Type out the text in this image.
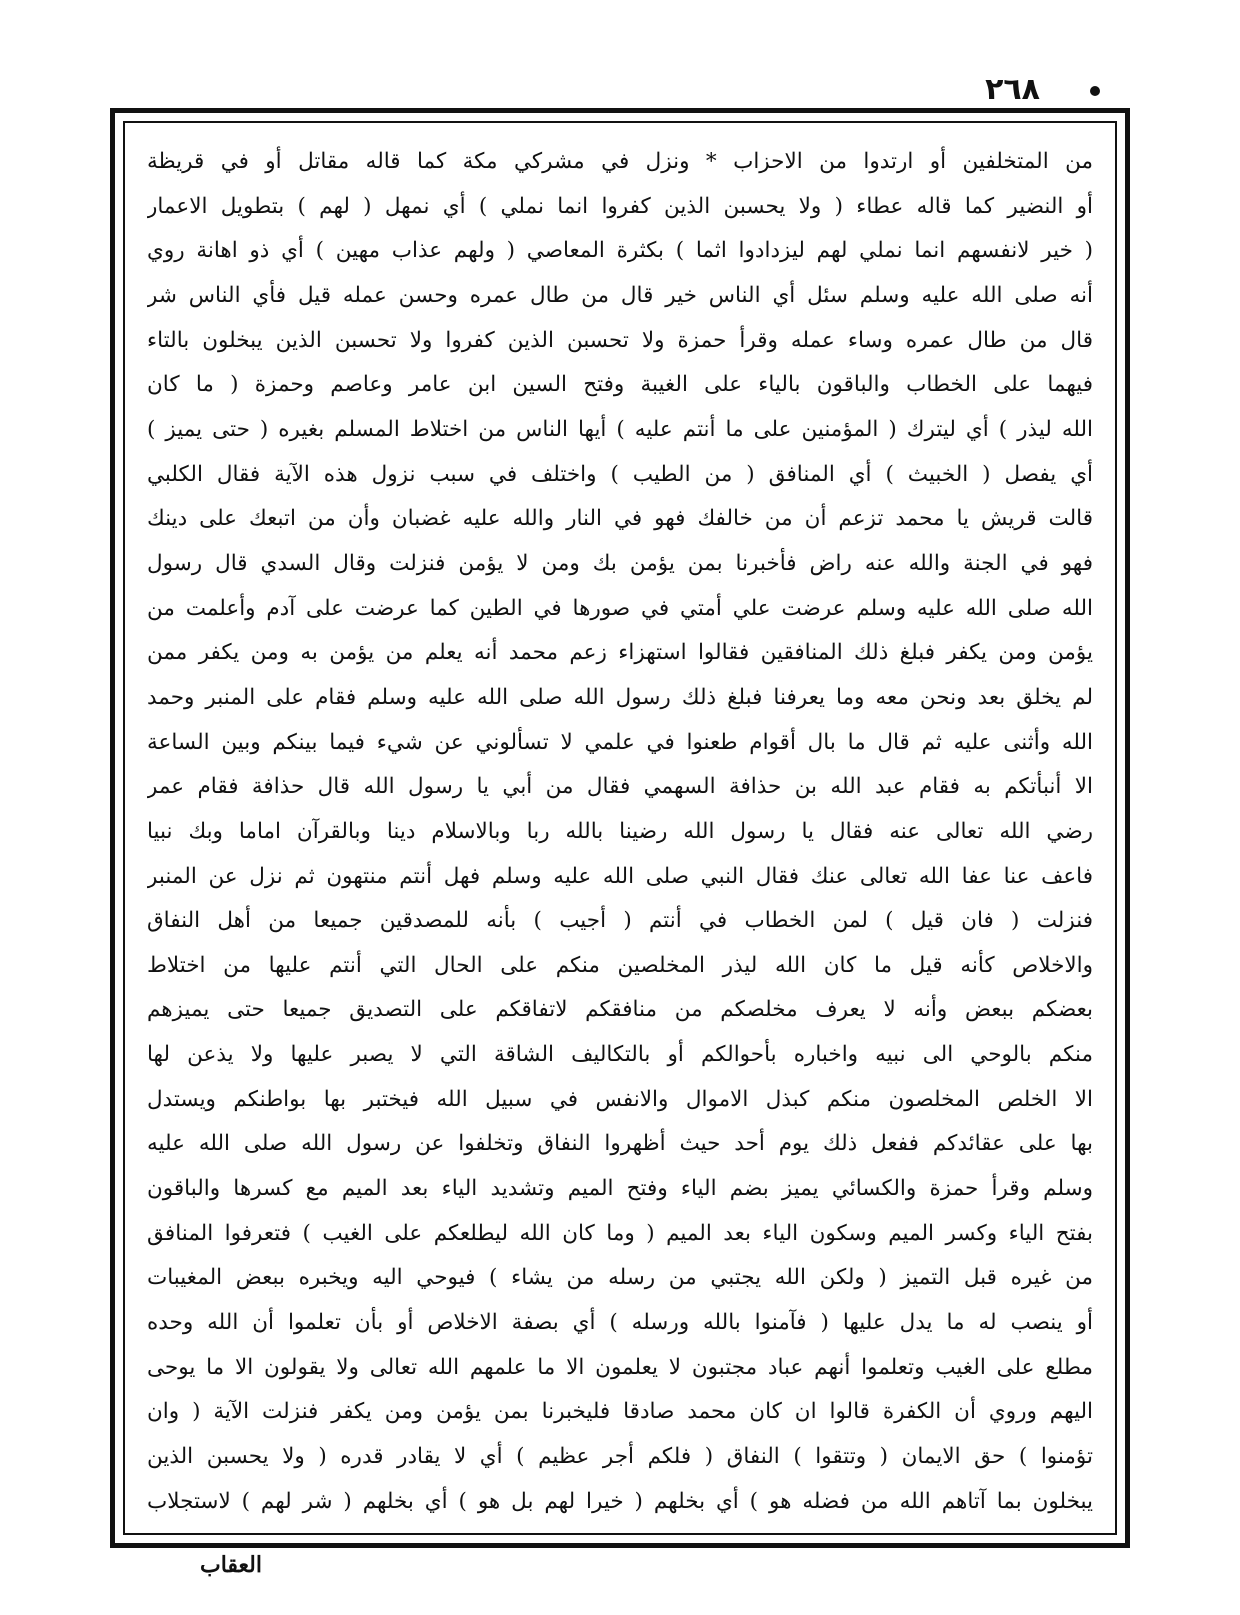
٢٦٨
من المتخلفين أو ارتدوا من الاحزاب * ونزل في مشركي مكة كما قاله مقاتل أو في قريظة
أو النضير كما قاله عطاء ( ولا يحسبن الذين كفروا انما نملي ) أي نمهل ( لهم ) بتطويل الاعمار
( خير لانفسهم انما نملي لهم ليزدادوا اثما ) بكثرة المعاصي ( ولهم عذاب مهين ) أي ذو اهانة روي
أنه صلى الله عليه وسلم سئل أي الناس خير قال من طال عمره وحسن عمله قيل فأي الناس شر
قال من طال عمره وساء عمله وقرأ حمزة ولا تحسبن الذين كفروا ولا تحسبن الذين يبخلون بالتاء
فيهما على الخطاب والباقون بالياء على الغيبة وفتح السين ابن عامر وعاصم وحمزة ( ما كان
الله ليذر ) أي ليترك ( المؤمنين على ما أنتم عليه ) أيها الناس من اختلاط المسلم بغيره ( حتى يميز )
أي يفصل ( الخبيث ) أي المنافق ( من الطيب ) واختلف في سبب نزول هذه الآية فقال الكلبي
قالت قريش يا محمد تزعم أن من خالفك فهو في النار والله عليه غضبان وأن من اتبعك على دينك
فهو في الجنة والله عنه راض فأخبرنا بمن يؤمن بك ومن لا يؤمن فنزلت وقال السدي قال رسول
الله صلى الله عليه وسلم عرضت علي أمتي في صورها في الطين كما عرضت على آدم وأعلمت من
يؤمن ومن يكفر فبلغ ذلك المنافقين فقالوا استهزاء زعم محمد أنه يعلم من يؤمن به ومن يكفر ممن
لم يخلق بعد ونحن معه وما يعرفنا فبلغ ذلك رسول الله صلى الله عليه وسلم فقام على المنبر وحمد
الله وأثنى عليه ثم قال ما بال أقوام طعنوا في علمي لا تسألوني عن شيء فيما بينكم وبين الساعة
الا أنبأتكم به فقام عبد الله بن حذافة السهمي فقال من أبي يا رسول الله قال حذافة فقام عمر
رضي الله تعالى عنه فقال يا رسول الله رضينا بالله ربا وبالاسلام دينا وبالقرآن اماما وبك نبيا
فاعف عنا عفا الله تعالى عنك فقال النبي صلى الله عليه وسلم فهل أنتم منتهون ثم نزل عن المنبر
فنزلت ( فان قيل ) لمن الخطاب في أنتم ( أجيب ) بأنه للمصدقين جميعا من أهل النفاق
والاخلاص كأنه قيل ما كان الله ليذر المخلصين منكم على الحال التي أنتم عليها من اختلاط
بعضكم ببعض وأنه لا يعرف مخلصكم من منافقكم لاتفاقكم على التصديق جميعا حتى يميزهم
منكم بالوحي الى نبيه واخباره بأحوالكم أو بالتكاليف الشاقة التي لا يصبر عليها ولا يذعن لها
الا الخلص المخلصون منكم كبذل الاموال والانفس في سبيل الله فيختبر بها بواطنكم ويستدل
بها على عقائدكم ففعل ذلك يوم أحد حيث أظهروا النفاق وتخلفوا عن رسول الله صلى الله عليه
وسلم وقرأ حمزة والكسائي يميز بضم الياء وفتح الميم وتشديد الياء بعد الميم مع كسرها والباقون
بفتح الياء وكسر الميم وسكون الياء بعد الميم ( وما كان الله ليطلعكم على الغيب ) فتعرفوا المنافق
من غيره قبل التميز ( ولكن الله يجتبي من رسله من يشاء ) فيوحي اليه ويخبره ببعض المغيبات
أو ينصب له ما يدل عليها ( فآمنوا بالله ورسله ) أي بصفة الاخلاص أو بأن تعلموا أن الله وحده
مطلع على الغيب وتعلموا أنهم عباد مجتبون لا يعلمون الا ما علمهم الله تعالى ولا يقولون الا ما يوحى
اليهم وروي أن الكفرة قالوا ان كان محمد صادقا فليخبرنا بمن يؤمن ومن يكفر فنزلت الآية ( وان
تؤمنوا ) حق الايمان ( وتتقوا ) النفاق ( فلكم أجر عظيم ) أي لا يقادر قدره ( ولا يحسبن الذين
يبخلون بما آتاهم الله من فضله هو ) أي بخلهم ( خيرا لهم بل هو ) أي بخلهم ( شر لهم ) لاستجلاب
العقاب
